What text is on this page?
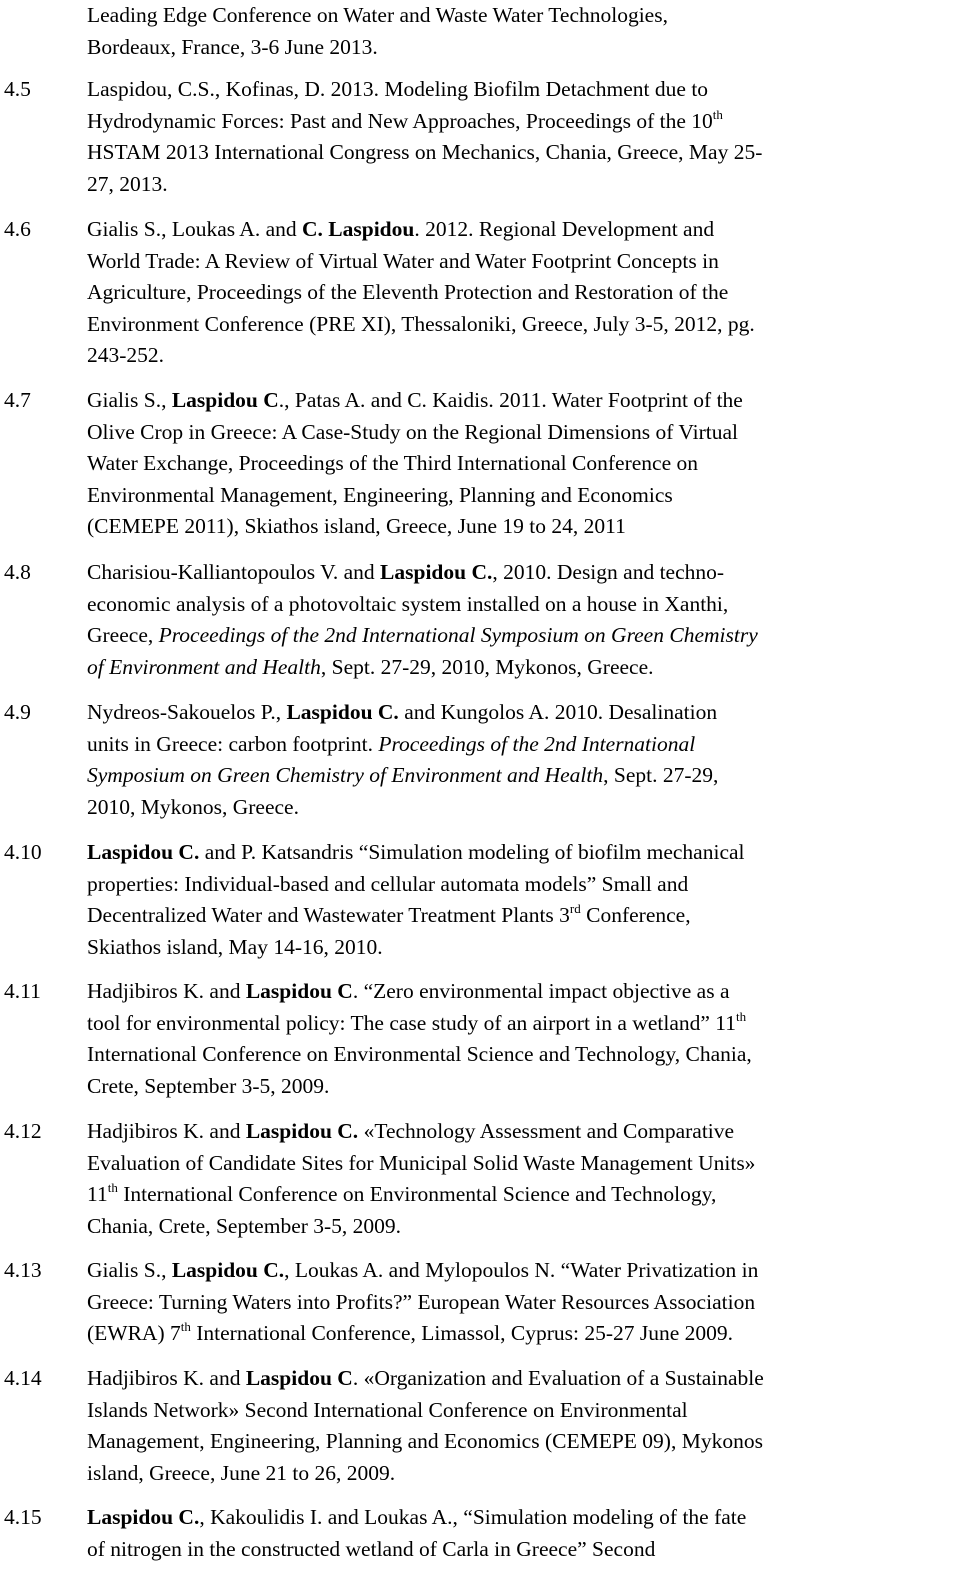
Leading Edge Conference on Water and Waste Water Technologies,
Bordeaux, France, 3-6 June 2013.
4.5	Laspidou, C.S., Kofinas, D. 2013. Modeling Biofilm Detachment due to
Hydrodynamic Forces: Past and New Approaches, Proceedings of the 10th
HSTAM 2013 International Congress on Mechanics, Chania, Greece, May 25-
27, 2013.
4.6	Gialis S., Loukas A. and C. Laspidou. 2012. Regional Development and
World Trade: A Review of Virtual Water and Water Footprint Concepts in
Agriculture, Proceedings of the Eleventh Protection and Restoration of the
Environment Conference (PRE XI), Thessaloniki, Greece, July 3-5, 2012, pg.
243-252.
4.7	Gialis S., Laspidou C., Patas A. and C. Kaidis. 2011. Water Footprint of the
Olive Crop in Greece: A Case-Study on the Regional Dimensions of Virtual
Water Exchange, Proceedings of the Third International Conference on
Environmental Management, Engineering, Planning and Economics
(CEMEPE 2011), Skiathos island, Greece, June 19 to 24, 2011
4.8	Charisiou-Kalliantopoulos V. and Laspidou C., 2010. Design and techno-
economic analysis of a photovoltaic system installed on a house in Xanthi,
Greece, Proceedings of the 2nd International Symposium on Green Chemistry
of Environment and Health, Sept. 27-29, 2010, Mykonos, Greece.
4.9	Nydreos-Sakouelos P., Laspidou C. and Kungolos A. 2010. Desalination
units in Greece: carbon footprint. Proceedings of the 2nd International
Symposium on Green Chemistry of Environment and Health, Sept. 27-29,
2010, Mykonos, Greece.
4.10 Laspidou C. and P. Katsandris “Simulation modeling of biofilm mechanical
properties: Individual-based and cellular automata models” Small and
Decentralized Water and Wastewater Treatment Plants 3rd Conference,
Skiathos island, May 14-16, 2010.
4.11 Hadjibiros K. and Laspidou C. “Zero environmental impact objective as a
tool for environmental policy: The case study of an airport in a wetland” 11th
International Conference on Environmental Science and Technology, Chania,
Crete, September 3-5, 2009.
4.12 Hadjibiros K. and Laspidou C. «Technology Assessment and Comparative
Evaluation of Candidate Sites for Municipal Solid Waste Management Units»
11th International Conference on Environmental Science and Technology,
Chania, Crete, September 3-5, 2009.
4.13 Gialis S., Laspidou C., Loukas A. and Mylopoulos N. “Water Privatization in
Greece: Turning Waters into Profits?” European Water Resources Association
(EWRA) 7th International Conference, Limassol, Cyprus: 25-27 June 2009.
4.14 Hadjibiros K. and Laspidou C. «Organization and Evaluation of a Sustainable
Islands Network» Second International Conference on Environmental
Management, Engineering, Planning and Economics (CEMEPE 09), Mykonos
island, Greece, June 21 to 26, 2009.
4.15 Laspidou C., Kakoulidis I. and Loukas A., “Simulation modeling of the fate
of nitrogen in the constructed wetland of Carla in Greece” Second
